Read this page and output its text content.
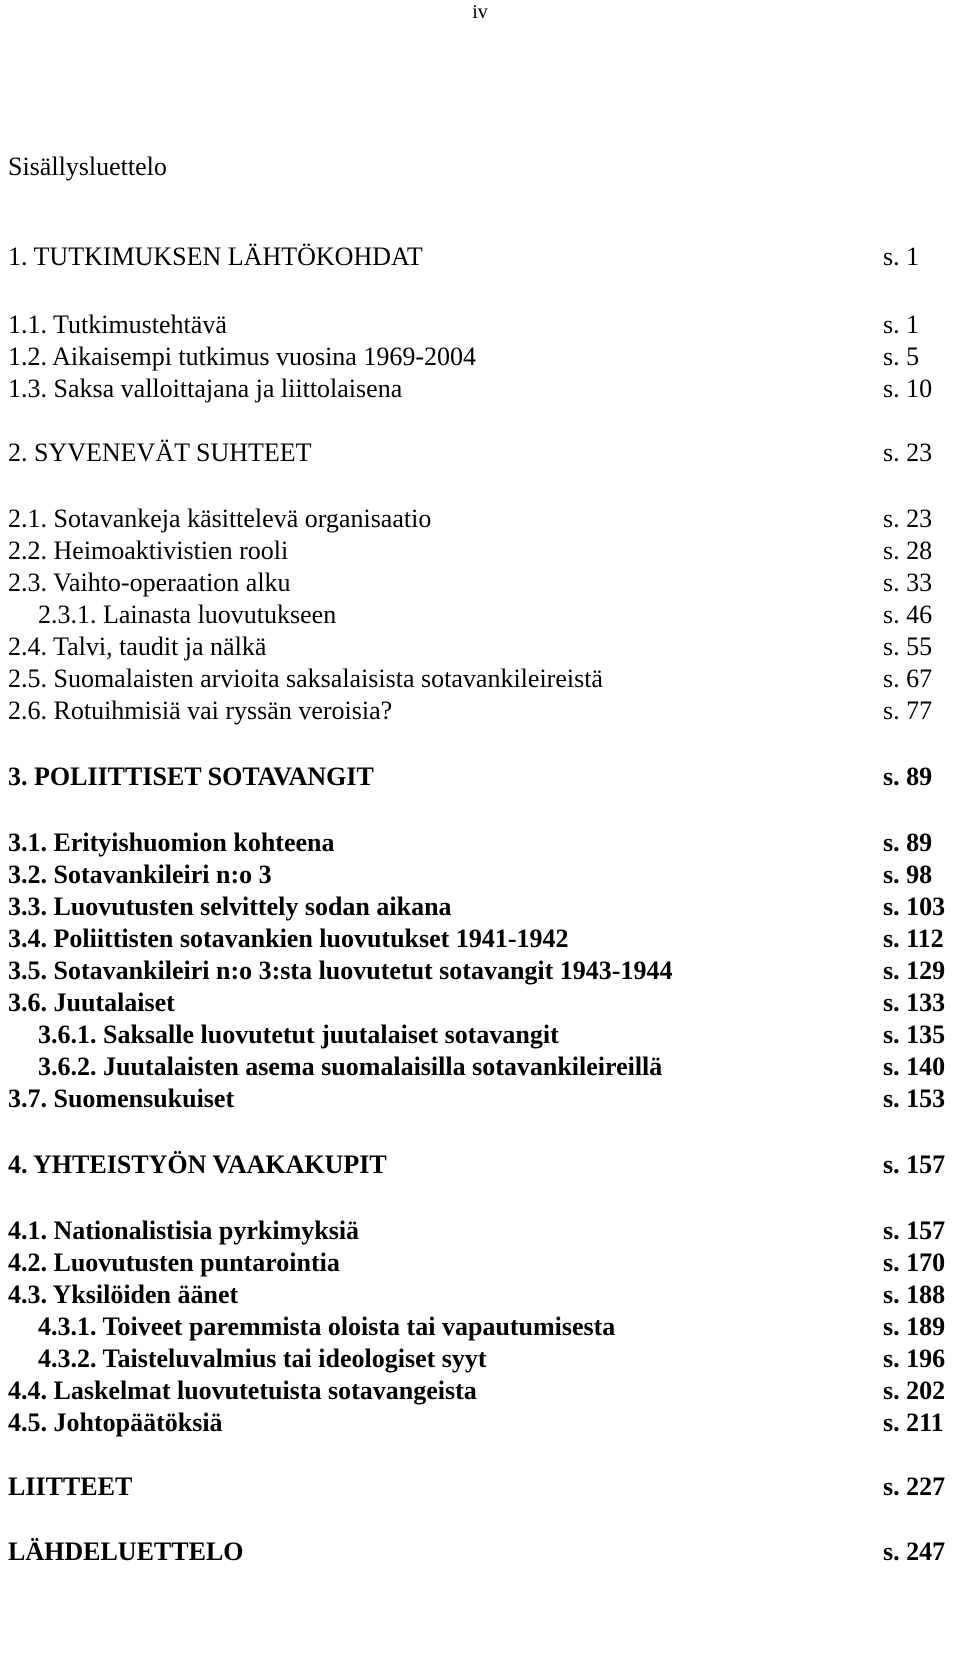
iv
Sisällysluettelo
1. TUTKIMUKSEN LÄHTÖKOHDAT	s. 1
1.1. Tutkimustehtävä	s. 1
1.2. Aikaisempi tutkimus vuosina 1969-2004	s. 5
1.3. Saksa valloittajana ja liittolaisena	s. 10
2. SYVENEVÄT SUHTEET	s. 23
2.1. Sotavankeja käsittelevä organisaatio	s. 23
2.2. Heimoaktivistien rooli	s. 28
2.3. Vaihto-operaation alku	s. 33
2.3.1. Lainasta luovutukseen	s. 46
2.4. Talvi, taudit ja nälkä	s. 55
2.5. Suomalaisten arvioita saksalaisista sotavankileireistä	s. 67
2.6. Rotuihmisiä vai ryssän veroisia?	s. 77
3. POLIITTISET SOTAVANGIT	s. 89
3.1. Erityishuomion kohteena	s. 89
3.2. Sotavankileiri n:o 3	s. 98
3.3. Luovutusten selvittely sodan aikana	s. 103
3.4. Poliittisten sotavankien luovutukset 1941-1942	s. 112
3.5. Sotavankileiri n:o 3:sta luovutetut sotavangit 1943-1944	s. 129
3.6. Juutalaiset	s. 133
3.6.1. Saksalle luovutetut juutalaiset sotavangit	s. 135
3.6.2. Juutalaisten asema suomalaisilla sotavankileireillä	s. 140
3.7. Suomensukuiset	s. 153
4. YHTEISTYÖN VAAKAKUPIT	s. 157
4.1. Nationalistisia pyrkimyksiä	s. 157
4.2. Luovutusten puntarointia	s. 170
4.3. Yksilöiden äänet	s. 188
4.3.1. Toiveet paremmista oloista tai vapautumisesta	s. 189
4.3.2. Taisteluvalmius tai ideologiset syyt	s. 196
4.4. Laskelmat luovutetuista sotavangeista	s. 202
4.5. Johtopäätöksiä	s. 211
LIITTEET	s. 227
LÄHDELUETTELO	s. 247
